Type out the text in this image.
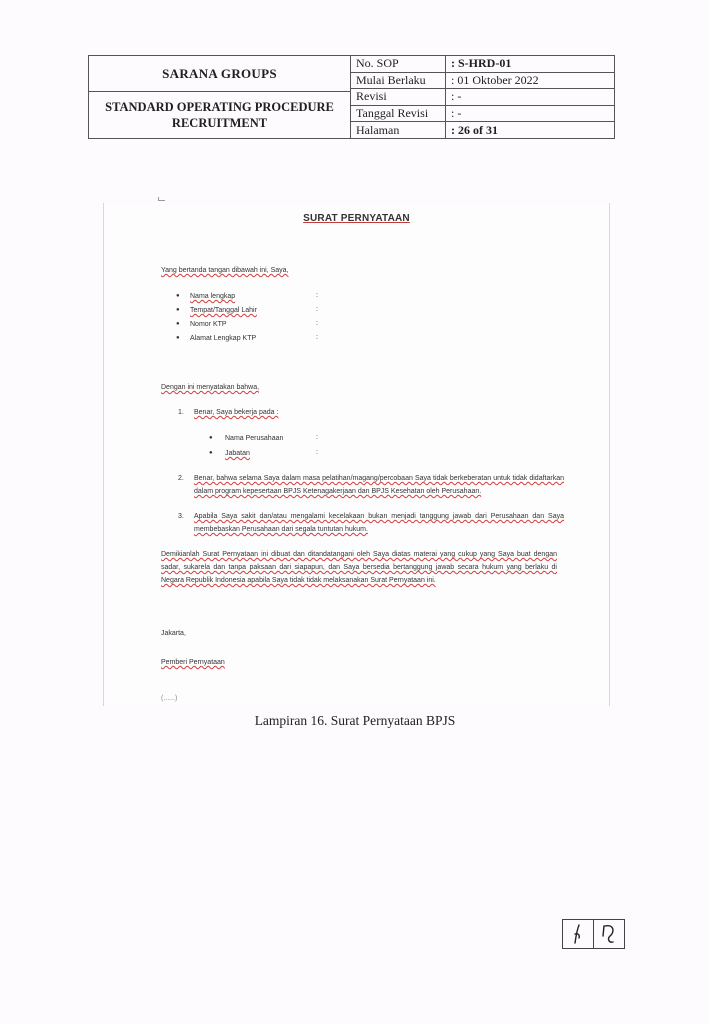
SARANA GROUPS
STANDARD OPERATING PROCEDURE
RECRUITMENT
No. SOP	: S-HRD-01
Mulai Berlaku	: 01 Oktober 2022
Revisi	: -
Tanggal Revisi	: -
Halaman	: 26 of 31
SURAT PERNYATAAN
Yang bertanda tangan dibawah ini, Saya,
● Nama lengkap	:
● Tempat/Tanggal Lahir	:
● Nomor KTP	:
● Alamat Lengkap KTP	:
Dengan ini menyatakan bahwa,
1. Benar, Saya bekerja pada :
● Nama Perusahaan	:
● Jabatan	:
2. Benar, bahwa selama Saya dalam masa pelatihan/magang/percobaan Saya tidak berkeberatan untuk tidak didaftarkan dalam program kepesertaan BPJS Ketenagakerjaan dan BPJS Kesehatan oleh Perusahaan.
3. Apabila Saya sakit dan/atau mengalami kecelakaan bukan menjadi tanggung jawab dari Perusahaan dan Saya membebaskan Perusahaan dari segala tuntutan hukum.
Demikianlah Surat Pernyataan ini dibuat dan ditandatangani oleh Saya diatas materai yang cukup yang Saya buat dengan sadar, sukarela dan tanpa paksaan dari siapapun, dan Saya bersedia bertanggung jawab secara hukum yang berlaku di Negara Republik Indonesia apabila Saya tidak tidak melaksanakan Surat Pernyataan ini.
Jakarta,
Pemberi Pernyataan
(......)
Lampiran 16. Surat Pernyataan BPJS
